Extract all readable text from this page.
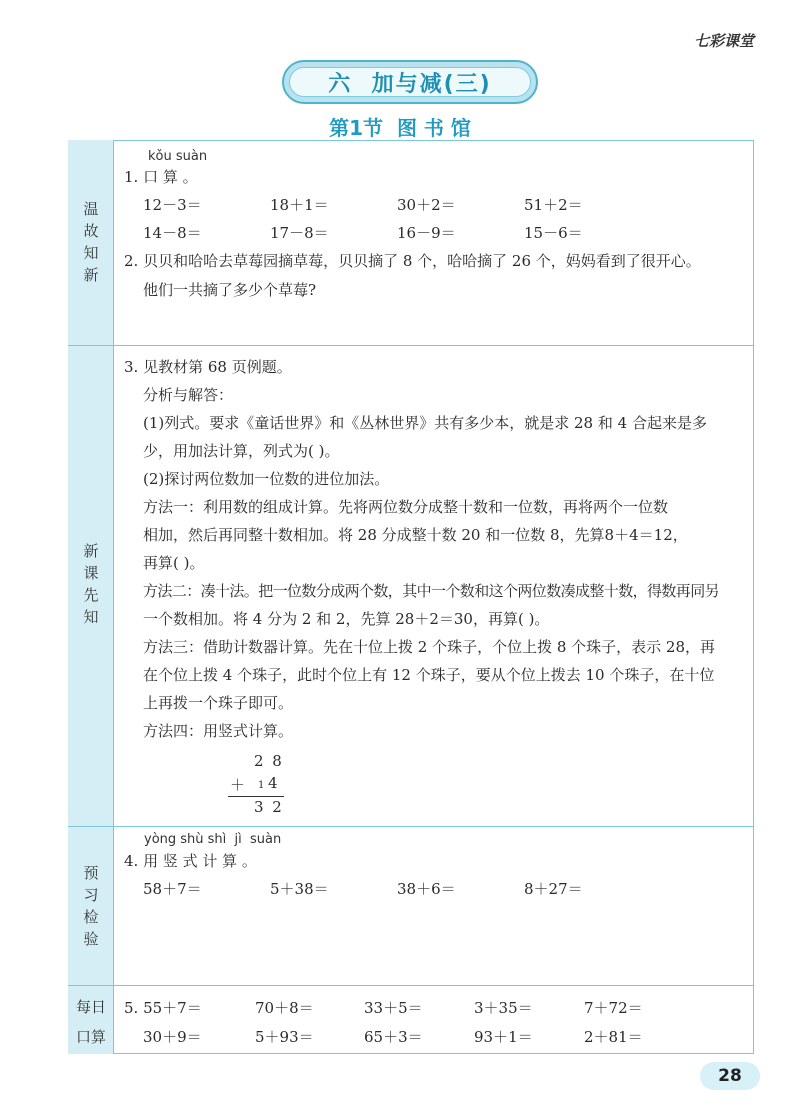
七彩课堂
六  加与减(三)
第1节  图 书 馆
温
故
知
新
新
课
先
知
预
习
检
验
每日
口算
kǒu suàn
1. 口 算 。
12－3＝	18＋1＝	30＋2＝	51＋2＝
14－8＝	17－8＝	16－9＝	15－6＝
2. 贝贝和哈哈去草莓园摘草莓，贝贝摘了 8 个，哈哈摘了 26 个，妈妈看到了很开心。
他们一共摘了多少个草莓?
3. 见教材第 68 页例题。
分析与解答：
(1)列式。要求《童话世界》和《丛林世界》共有多少本，就是求 28 和 4 合起来是多
少，用加法计算，列式为( )。
(2)探讨两位数加一位数的进位加法。
方法一：利用数的组成计算。先将两位数分成整十数和一位数，再将两个一位数
相加，然后再同整十数相加。将 28 分成整十数 20 和一位数 8，先算8＋4＝12，
再算( )。
方法二：凑十法。把一位数分成两个数，其中一个数和这个两位数凑成整十数，得数再同另
一个数相加。将 4 分为 2 和 2，先算 28＋2＝30，再算( )。
方法三：借助计数器计算。先在十位上拨 2 个珠子，个位上拨 8 个珠子，表示 28，再
在个位上拨 4 个珠子，此时个位上有 12 个珠子，要从个位上拨去 10 个珠子，在十位
上再拨一个珠子即可。
方法四：用竖式计算。
2 8
＋ 1 4
3 2
yòng shù shì  jì  suàn
4. 用 竖 式 计 算 。
58＋7＝	5＋38＝	38＋6＝	8＋27＝
5. 55＋7＝	70＋8＝	33＋5＝	3＋35＝	7＋72＝
30＋9＝	5＋93＝	65＋3＝	93＋1＝	2＋81＝
28
